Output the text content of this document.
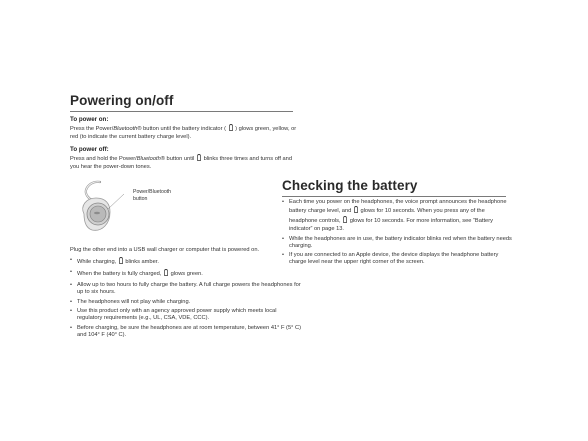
Powering on/off
To power on:
Press the Power/Bluetooth® button until the battery indicator ( ) glows green, yellow, or red (to indicate the current battery charge level).
To power off:
Press and hold the Power/Bluetooth® button until blinks three times and turns off and you hear the power-down tones.
Power/Bluetooth
button
Plug the other end into a USB wall charger or computer that is powered on.
• While charging, blinks amber.
• When the battery is fully charged, glows green.
• Allow up to two hours to fully charge the battery. A full charge powers the headphones for up to six hours.
• The headphones will not play while charging.
• Use this product only with an agency approved power supply which meets local regulatory requirements (e.g., UL, CSA, VDE, CCC).
• Before charging, be sure the headphones are at room temperature, between 41° F (5° C) and 104° F (40° C).
Checking the battery
• Each time you power on the headphones, the voice prompt announces the headphone battery charge level, and glows for 10 seconds. When you press any of the headphone controls, glows for 10 seconds. For more information, see “Battery indicator” on page 13.
• While the headphones are in use, the battery indicator blinks red when the battery needs charging.
• If you are connected to an Apple device, the device displays the headphone battery charge level near the upper right corner of the screen.
